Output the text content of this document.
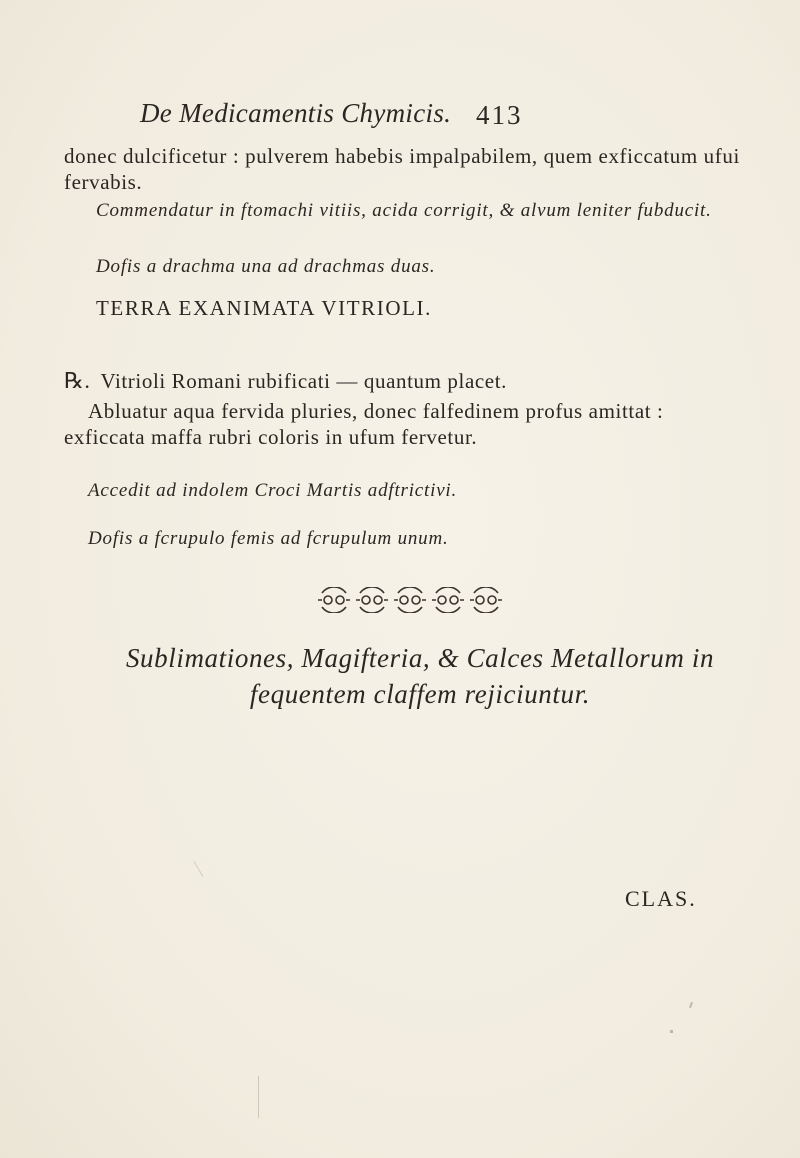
De Medicamentis Chymicis. 413

donec dulcificetur : pulverem habebis impalpabilem, quem exficcatum ufui fervabis.

Commendatur in ftomachi vitiis, acida corrigit, & alvum leniter fubducit.

Dofis a drachma una ad drachmas duas.

TERRA EXANIMATA VITRIOLI.

℞. Vitrioli Romani rubificati — quantum placet.

Abluatur aqua fervida pluries, donec falfedinem profus amittat : exficcata maffa rubri coloris in ufum fervetur.

Accedit ad indolem Croci Martis adftrictivi.

Dofis a fcrupulo femis ad fcrupulum unum.

Sublimationes, Magifteria, & Calces Metallorum in fequentem claffem rejiciuntur.

CLAS.
